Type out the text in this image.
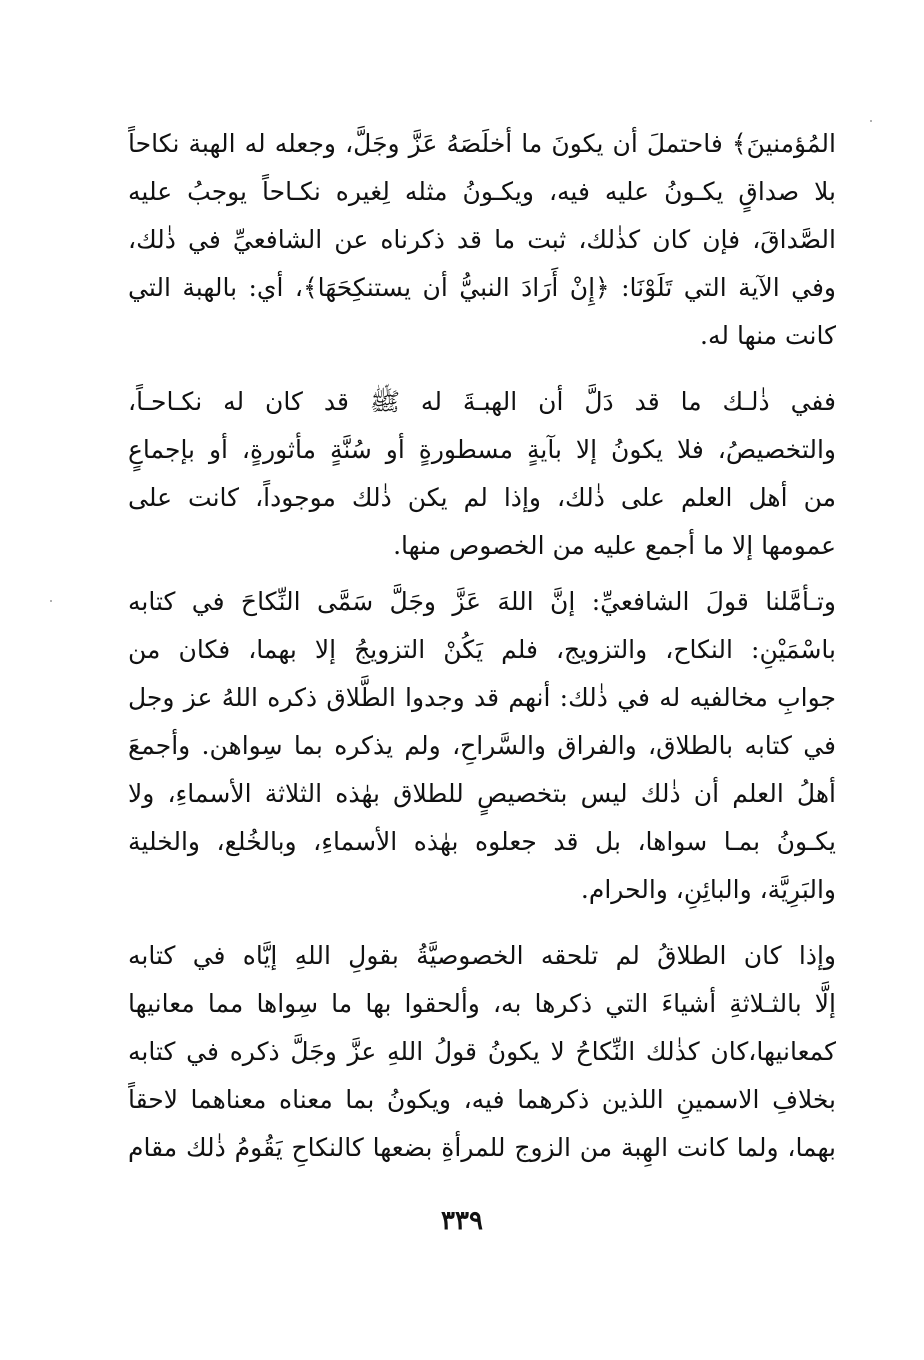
المُؤمنينَ﴾ فاحتملَ أن يكونَ ما أخلَصَهُ عَزَّ وجَلَّ، وجعله له الهبة نكاحاً
بلا صداقٍ يكـونُ عليه فيه، ويكـونُ مثله لِغيره نكـاحاً يوجبُ عليه
الصَّداقَ، فإن كان كذٰلك، ثبت ما قد ذكرناه عن الشافعيِّ في ذٰلك،
وفي الآية التي تَلَوْنَا: ﴿إِنْ أَرَادَ النبيُّ أن يستنكِحَهَا﴾، أي: بالهبة التي
كانت منها له.
ففي ذٰلـك ما قد دَلَّ أن الهبـةَ له ﷺ قد كان له نكـاحـاً،
والتخصيصُ، فلا يكونُ إلا بآيةٍ مسطورةٍ أو سُنَّةٍ مأثورةٍ، أو بإجماعٍ
من أهل العلم على ذٰلك، وإذا لم يكن ذٰلك موجوداً، كانت على
عمومها إلا ما أجمع عليه من الخصوص منها.
وتـأمَّلنا قولَ الشافعيِّ: إنَّ اللهَ عَزَّ وجَلَّ سَمَّى النِّكاحَ في كتابه
باسْمَيْنِ: النكاح، والتزويج، فلم يَكُنْ التزويجُ إلا بهما، فكان من
جوابِ مخالفيه له في ذٰلك: أنهم قد وجدوا الطَّلاق ذكره اللهُ عز وجل
في كتابه بالطلاق، والفراق والسَّراحِ، ولم يذكره بما سِواهن. وأجمعَ
أهلُ العلم أن ذٰلك ليس بتخصيصٍ للطلاق بهٰذه الثلاثة الأسماءِ، ولا
يكـونُ بمـا سواها، بل قد جعلوه بهٰذه الأسماءِ، وبالخُلع، والخلية
والبَرِيَّة، والبائِنِ، والحرام.
وإذا كان الطلاقُ لم تلحقه الخصوصيَّةُ بقولِ اللهِ إيَّاه في كتابه
إلَّا بالثـلاثةِ أشياءَ التي ذكرها به، وألحقوا بها ما سِواها مما معانيها
كمعانيها،كان كذٰلك النِّكاحُ لا يكونُ قولُ اللهِ عزَّ وجَلَّ ذكره في كتابه
بخلافِ الاسمينِ اللذين ذكرهما فيه، ويكونُ بما معناه معناهما لاحقاً
بهما، ولما كانت الهِبة من الزوج للمرأةِ بضعها كالنكاحِ يَقُومُ ذٰلك مقام
٣٣٩
